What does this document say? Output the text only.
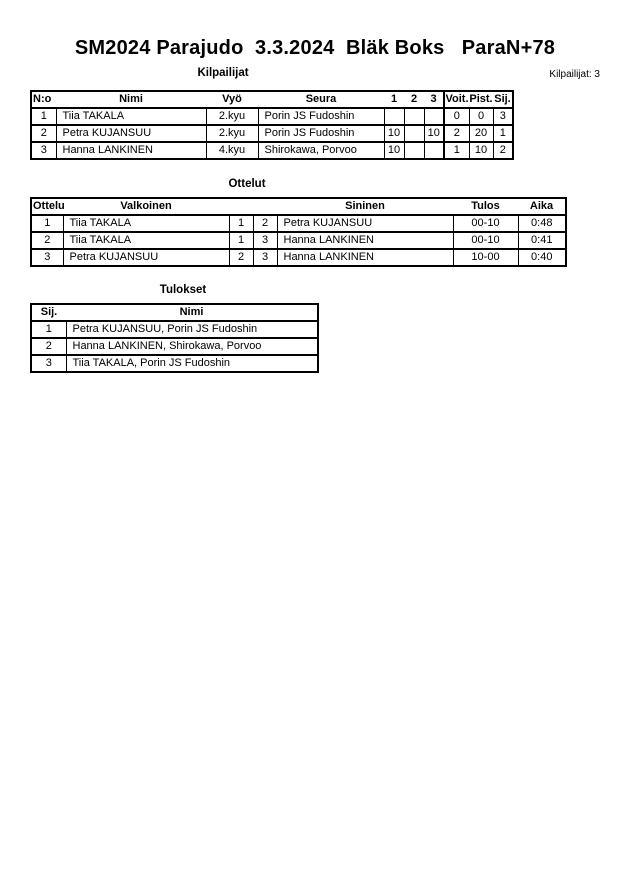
SM2024 Parajudo  3.3.2024  Bläk Boks   ParaN+78
Kilpailijat: 3
Kilpailijat
N:o	Nimi	Vyö	Seura	1	2	3	Voit.	Pist.	Sij.
1	Tiia TAKALA	2.kyu	Porin JS Fudoshin				0	0	3
2	Petra KUJANSUU	2.kyu	Porin JS Fudoshin	10		10	2	20	1
3	Hanna LANKINEN	4.kyu	Shirokawa, Porvoo	10			1	10	2
Ottelut
Ottelu	Valkoinen			Sininen	Tulos	Aika
1	Tiia TAKALA	1	2	Petra KUJANSUU	00-10	0:48
2	Tiia TAKALA	1	3	Hanna LANKINEN	00-10	0:41
3	Petra KUJANSUU	2	3	Hanna LANKINEN	10-00	0:40
Tulokset
Sij.	Nimi
1	Petra KUJANSUU, Porin JS Fudoshin
2	Hanna LANKINEN, Shirokawa, Porvoo
3	Tiia TAKALA, Porin JS Fudoshin
